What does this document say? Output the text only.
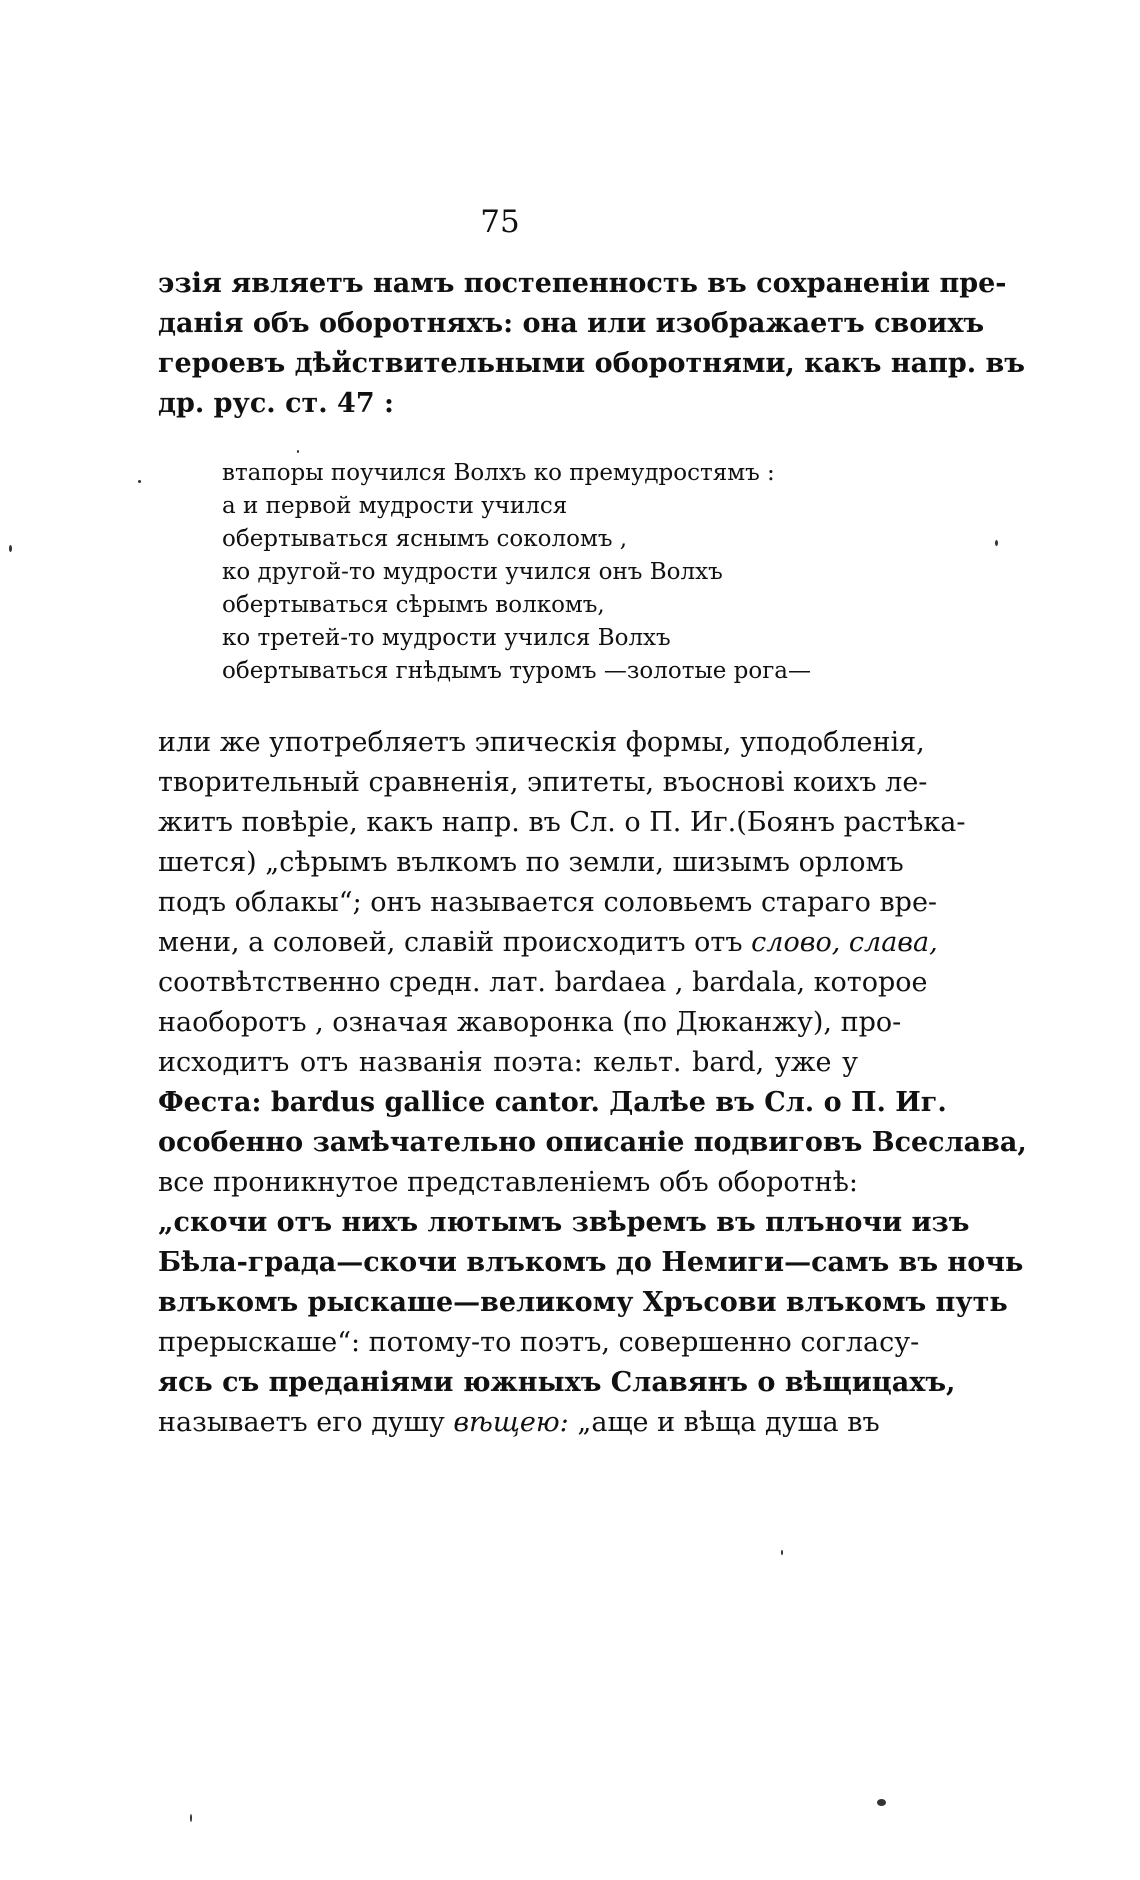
75
эзія являетъ намъ постепенность въ сохраненіи пре-
данія объ оборотняхъ: она или изображаетъ своихъ
героевъ дѣйствительными оборотнями, какъ напр. въ
др. рус. ст. 47 :
втапоры поучился Волхъ ко премудростямъ :
а и первой мудрости учился
обертываться яснымъ соколомъ ,
ко другой-то мудрости учился онъ Волхъ
обертываться сѣрымъ волкомъ,
ко третей-то мудрости учился Волхъ
обертываться гнѣдымъ туромъ —золотые рога—
или же употребляетъ эпическія формы, уподобленія,
творительный сравненія, эпитеты, въоснові коихъ ле-
житъ повѣріе, какъ напр. въ Сл. о П. Иг.(Боянъ растѣка-
шется) „сѣрымъ вълкомъ по земли, шизымъ орломъ
подъ облакы“; онъ называется соловьемъ стараго вре-
мени, а соловей, славій происходитъ отъ слово, слава,
соотвѣтственно средн. лат. bardaea , bardala, которое
наоборотъ , означая жаворонка (по Дюканжу), про-
исходитъ отъ названія поэта: кельт. bard, уже у
Феста: bardus gallice cantor. Далѣе въ Сл. о П. Иг.
особенно замѣчательно описаніе подвиговъ Всеслава,
все проникнутое представленіемъ объ оборотнѣ:
„скочи отъ нихъ лютымъ звѣремъ въ плъночи изъ
Бѣла-града—скочи влъкомъ до Немиги—самъ въ ночь
влъкомъ рыскаше—великому Хръсови влъкомъ путь
прерыскаше“: потому-то поэтъ, совершенно согласу-
ясь съ преданіями южныхъ Славянъ о вѣщицахъ,
называетъ его душу вѣщею: „аще и вѣща душа въ
